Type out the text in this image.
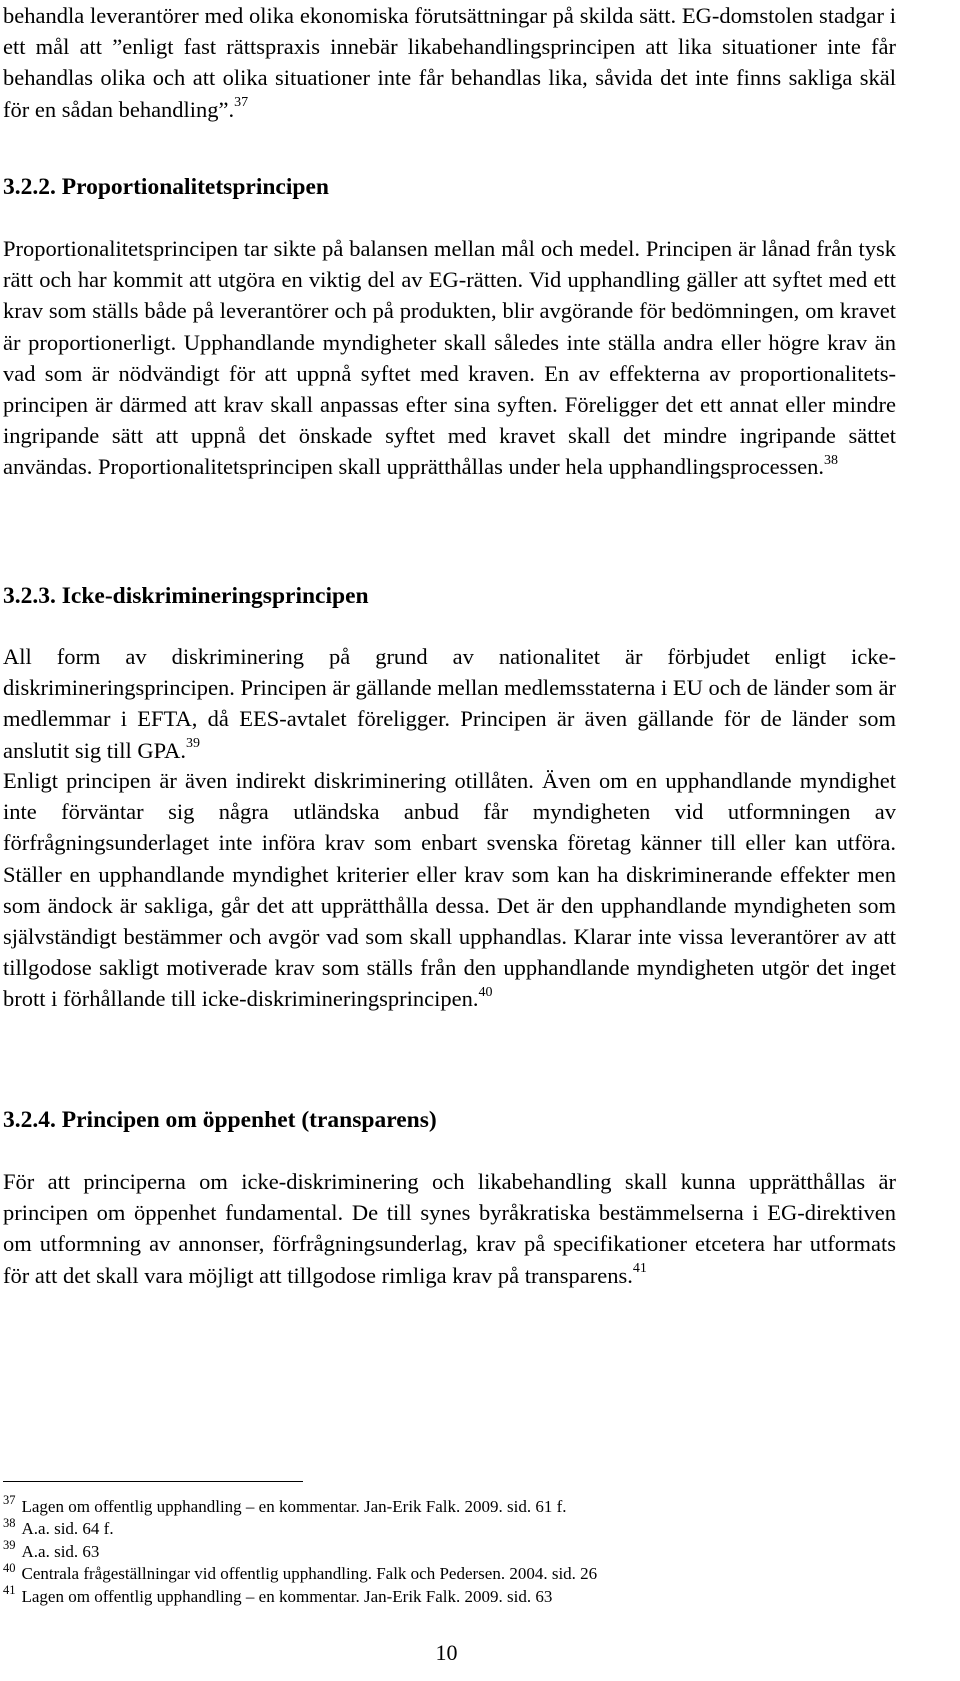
behandla leverantörer med olika ekonomiska förutsättningar på skilda sätt. EG-domstolen stadgar i ett mål att ”enligt fast rättspraxis innebär likabehandlingsprincipen att lika situationer inte får behandlas olika och att olika situationer inte får behandlas lika, såvida det inte finns sakliga skäl för en sådan behandling”.$^{37}$

3.2.2. Proportionalitetsprincipen

Proportionalitetsprincipen tar sikte på balansen mellan mål och medel. Principen är lånad från tysk rätt och har kommit att utgöra en viktig del av EG-rätten. Vid upphandling gäller att syftet med ett krav som ställs både på leverantörer och på produkten, blir avgörande för bedömningen, om kravet är proportionerligt. Upphandlande myndigheter skall således inte ställa andra eller högre krav än vad som är nödvändigt för att uppnå syftet med kraven. En av effekterna av proportionalitets-principen är därmed att krav skall anpassas efter sina syften. Föreligger det ett annat eller mindre ingripande sätt att uppnå det önskade syftet med kravet skall det mindre ingripande sättet användas. Proportionalitetsprincipen skall upprätthållas under hela upphandlingsprocessen.$^{38}$

3.2.3. Icke-diskrimineringsprincipen

All form av diskriminering på grund av nationalitet är förbjudet enligt icke-diskrimineringsprincipen. Principen är gällande mellan medlemsstaterna i EU och de länder som är medlemmar i EFTA, då EES-avtalet föreligger. Principen är även gällande för de länder som anslutit sig till GPA.$^{39}$

Enligt principen är även indirekt diskriminering otillåten. Även om en upphandlande myndighet inte förväntar sig några utländska anbud får myndigheten vid utformningen av förfrågningsunderlaget inte införa krav som enbart svenska företag känner till eller kan utföra. Ställer en upphandlande myndighet kriterier eller krav som kan ha diskriminerande effekter men som ändock är sakliga, går det att upprätthålla dessa. Det är den upphandlande myndigheten som självständigt bestämmer och avgör vad som skall upphandlas. Klarar inte vissa leverantörer av att tillgodose sakligt motiverade krav som ställs från den upphandlande myndigheten utgör det inget brott i förhållande till icke-diskrimineringsprincipen.$^{40}$

3.2.4. Principen om öppenhet (transparens)

För att principerna om icke-diskriminering och likabehandling skall kunna upprätthållas är principen om öppenhet fundamental. De till synes byråkratiska bestämmelserna i EG-direktiven om utformning av annonser, förfrågningsunderlag, krav på specifikationer etcetera har utformats för att det skall vara möjligt att tillgodose rimliga krav på transparens.$^{41}$

$^{37}$ Lagen om offentlig upphandling – en kommentar. Jan-Erik Falk. 2009. sid. 61 f.
$^{38}$ A.a. sid. 64 f.
$^{39}$ A.a. sid. 63
$^{40}$ Centrala frågeställningar vid offentlig upphandling. Falk och Pedersen. 2004. sid. 26
$^{41}$ Lagen om offentlig upphandling – en kommentar. Jan-Erik Falk. 2009. sid. 63
10
